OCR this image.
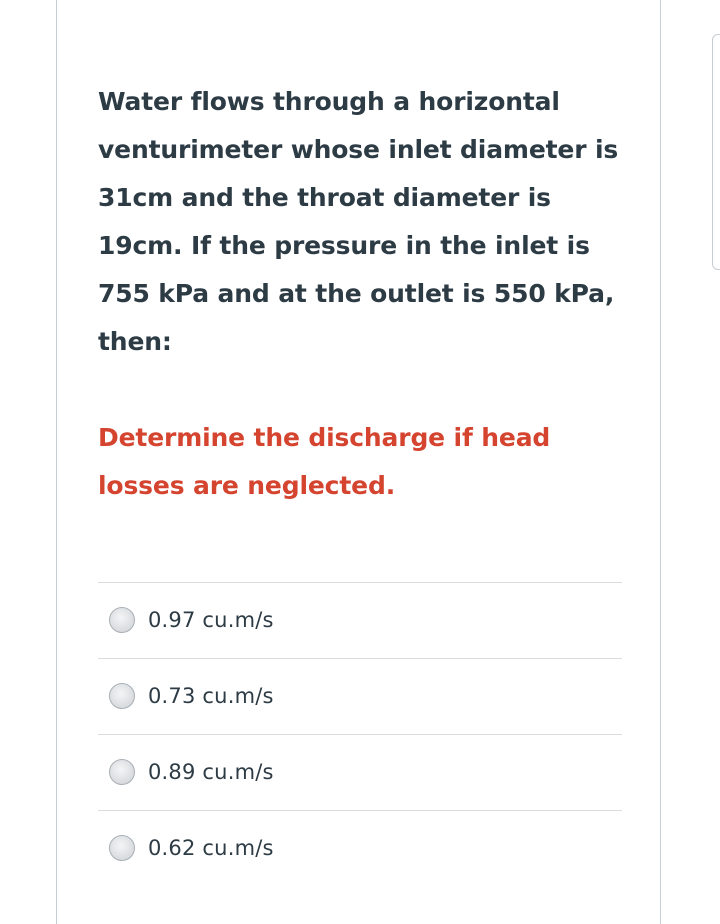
Water flows through a horizontal
venturimeter whose inlet diameter is
31cm and the throat diameter is
19cm. If the pressure in the inlet is
755 kPa and at the outlet is 550 kPa,
then:
Determine the discharge if head
losses are neglected.
0.97 cu.m/s
0.73 cu.m/s
0.89 cu.m/s
0.62 cu.m/s
